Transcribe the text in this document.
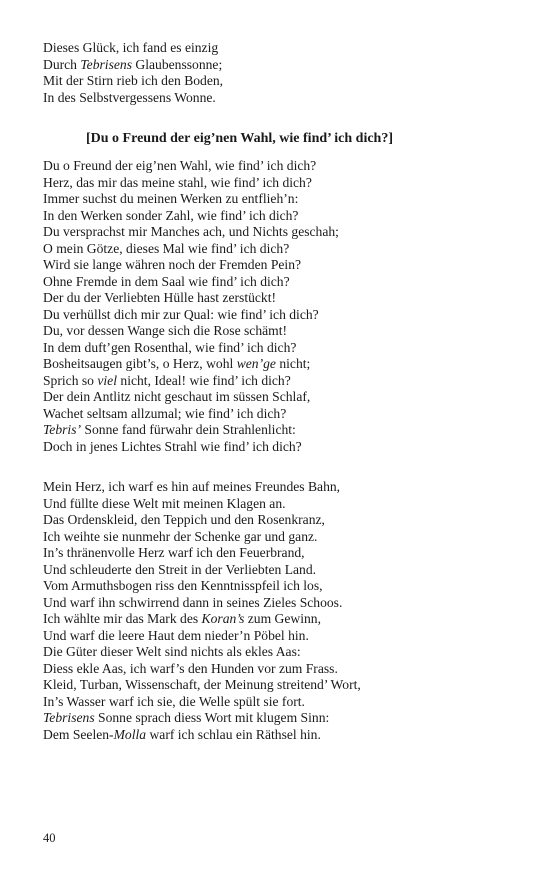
Dieses Glück, ich fand es einzig
Durch Tebrisens Glaubenssonne;
Mit der Stirn rieb ich den Boden,
In des Selbstvergessens Wonne.
[Du o Freund der eig’nen Wahl, wie find’ ich dich?]
Du o Freund der eig’nen Wahl, wie find’ ich dich?
Herz, das mir das meine stahl, wie find’ ich dich?
Immer suchst du meinen Werken zu entflieh’n:
In den Werken sonder Zahl, wie find’ ich dich?
Du versprachst mir Manches ach, und Nichts geschah;
O mein Götze, dieses Mal wie find’ ich dich?
Wird sie lange währen noch der Fremden Pein?
Ohne Fremde in dem Saal wie find’ ich dich?
Der du der Verliebten Hülle hast zerstückt!
Du verhüllst dich mir zur Qual: wie find’ ich dich?
Du, vor dessen Wange sich die Rose schämt!
In dem duft’gen Rosenthal, wie find’ ich dich?
Bosheitsaugen gibt’s, o Herz, wohl wen’ge nicht;
Sprich so viel nicht, Ideal! wie find’ ich dich?
Der dein Antlitz nicht geschaut im süssen Schlaf,
Wachet seltsam allzumal; wie find’ ich dich?
Tebris’ Sonne fand fürwahr dein Strahlenlicht:
Doch in jenes Lichtes Strahl wie find’ ich dich?
Mein Herz, ich warf es hin auf meines Freundes Bahn,
Und füllte diese Welt mit meinen Klagen an.
Das Ordenskleid, den Teppich und den Rosenkranz,
Ich weihte sie nunmehr der Schenke gar und ganz.
In’s thränenvolle Herz warf ich den Feuerbrand,
Und schleuderte den Streit in der Verliebten Land.
Vom Armuthsbogen riss den Kenntnisspfeil ich los,
Und warf ihn schwirrend dann in seines Zieles Schoos.
Ich wählte mir das Mark des Koran’s zum Gewinn,
Und warf die leere Haut dem nieder’n Pöbel hin.
Die Güter dieser Welt sind nichts als ekles Aas:
Diess ekle Aas, ich warf’s den Hunden vor zum Frass.
Kleid, Turban, Wissenschaft, der Meinung streitend’ Wort,
In’s Wasser warf ich sie, die Welle spült sie fort.
Tebrisens Sonne sprach diess Wort mit klugem Sinn:
Dem Seelen-Molla warf ich schlau ein Räthsel hin.
40
